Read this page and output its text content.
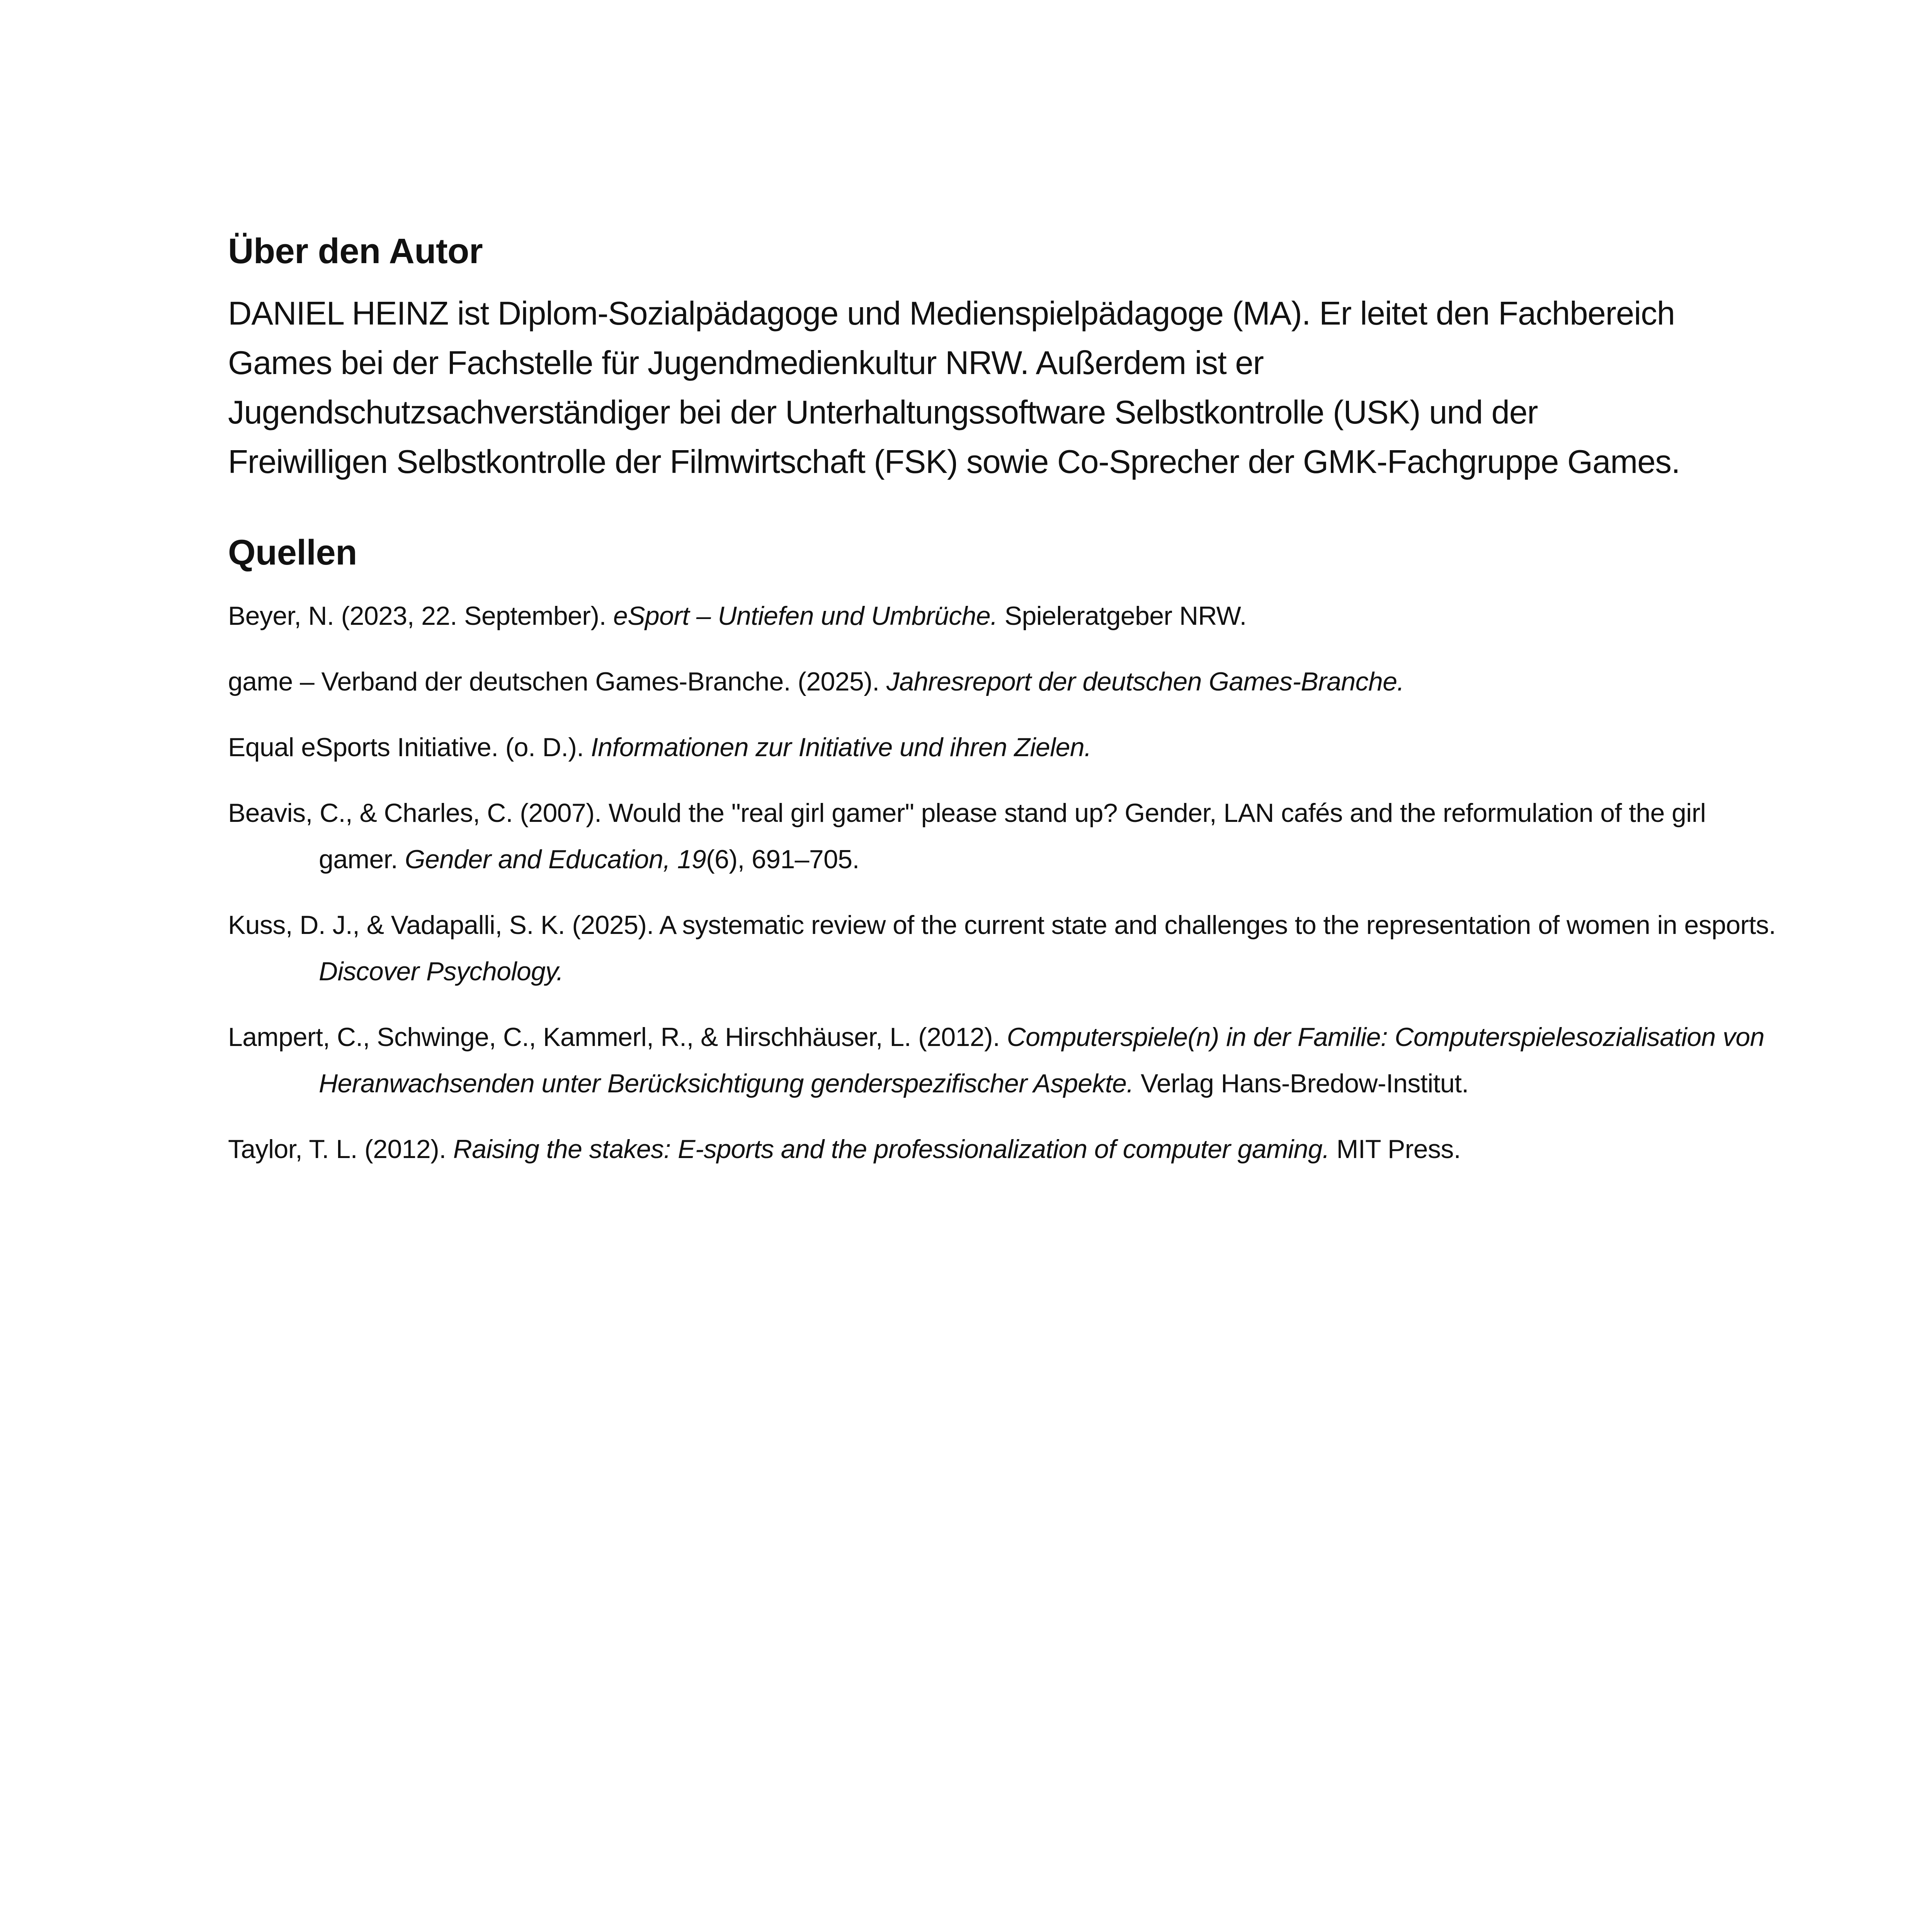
Über den Autor

DANIEL HEINZ ist Diplom-Sozialpädagoge und Medienspielpädagoge (MA). Er leitet den Fachbereich Games bei der Fachstelle für Jugendmedienkultur NRW. Außerdem ist er Jugendschutzsachverständiger bei der Unterhaltungssoftware Selbstkontrolle (USK) und der Freiwilligen Selbstkontrolle der Filmwirtschaft (FSK) sowie Co-Sprecher der GMK-Fachgruppe Games.

Quellen
Beyer, N. (2023, 22. September). eSport – Untiefen und Umbrüche. Spieleratgeber NRW.
game – Verband der deutschen Games-Branche. (2025). Jahresreport der deutschen Games-Branche.
Equal eSports Initiative. (o. D.). Informationen zur Initiative und ihren Zielen.
Beavis, C., & Charles, C. (2007). Would the "real girl gamer" please stand up? Gender, LAN cafés and the reformulation of the girl gamer. Gender and Education, 19(6), 691–705.
Kuss, D. J., & Vadapalli, S. K. (2025). A systematic review of the current state and challenges to the representation of women in esports. Discover Psychology.
Lampert, C., Schwinge, C., Kammerl, R., & Hirschhäuser, L. (2012). Computerspiele(n) in der Familie: Computerspielesozialisation von Heranwachsenden unter Berücksichtigung genderspezifischer Aspekte. Verlag Hans-Bredow-Institut.
Taylor, T. L. (2012). Raising the stakes: E-sports and the professionalization of computer gaming. MIT Press.
